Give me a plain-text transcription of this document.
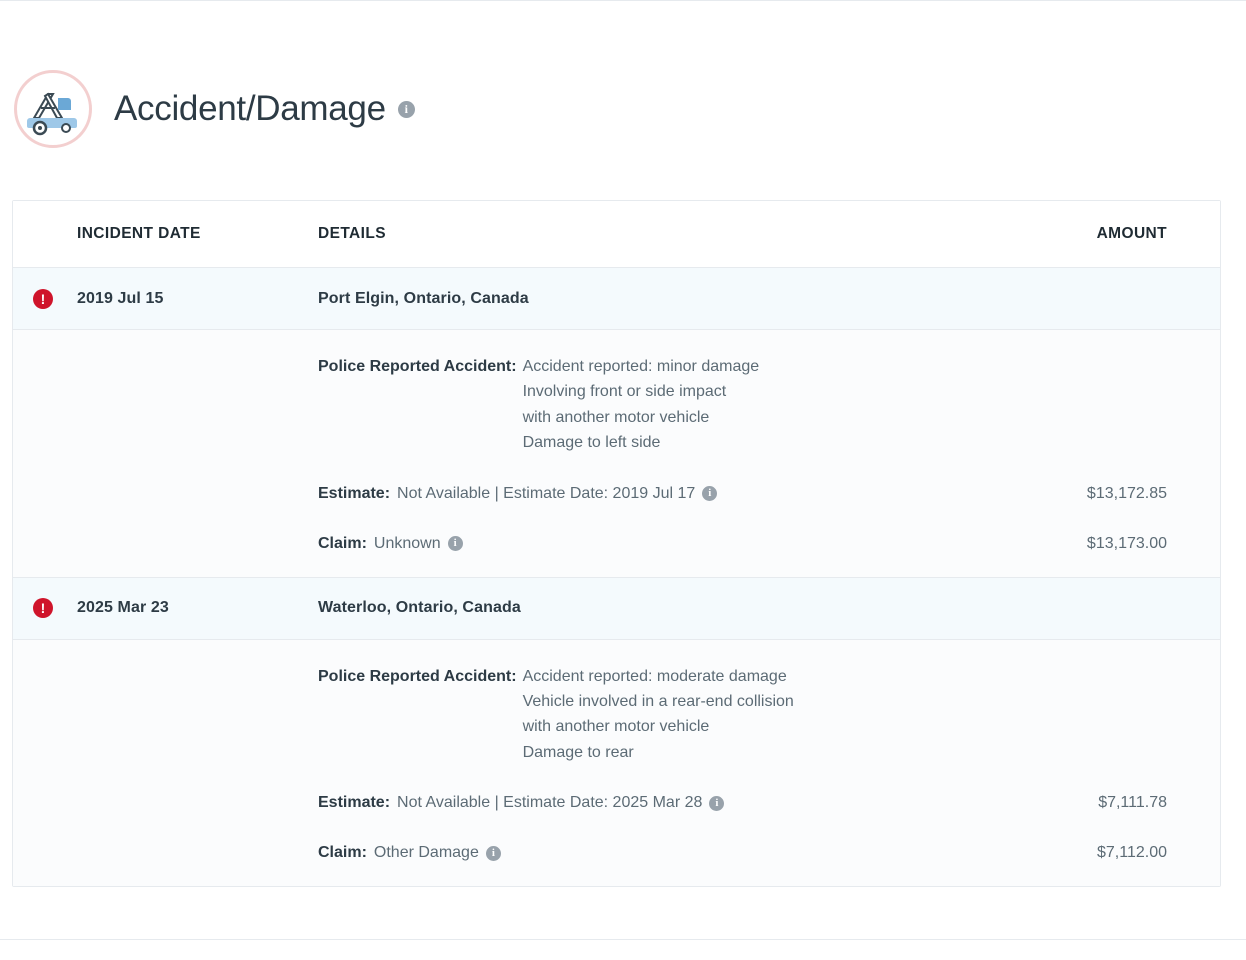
Accident/Damage	i
INCIDENT DATE	DETAILS	AMOUNT
!	2019 Jul 15	Port Elgin, Ontario, Canada
Police Reported Accident: Accident reported: minor damage
Involving front or side impact
with another motor vehicle
Damage to left side
Estimate: Not Available | Estimate Date: 2019 Jul 17	i	$13,172.85
Claim: Unknown	i	$13,173.00
!	2025 Mar 23	Waterloo, Ontario, Canada
Police Reported Accident: Accident reported: moderate damage
Vehicle involved in a rear-end collision
with another motor vehicle
Damage to rear
Estimate: Not Available | Estimate Date: 2025 Mar 28	i	$7,111.78
Claim: Other Damage	i	$7,112.00
